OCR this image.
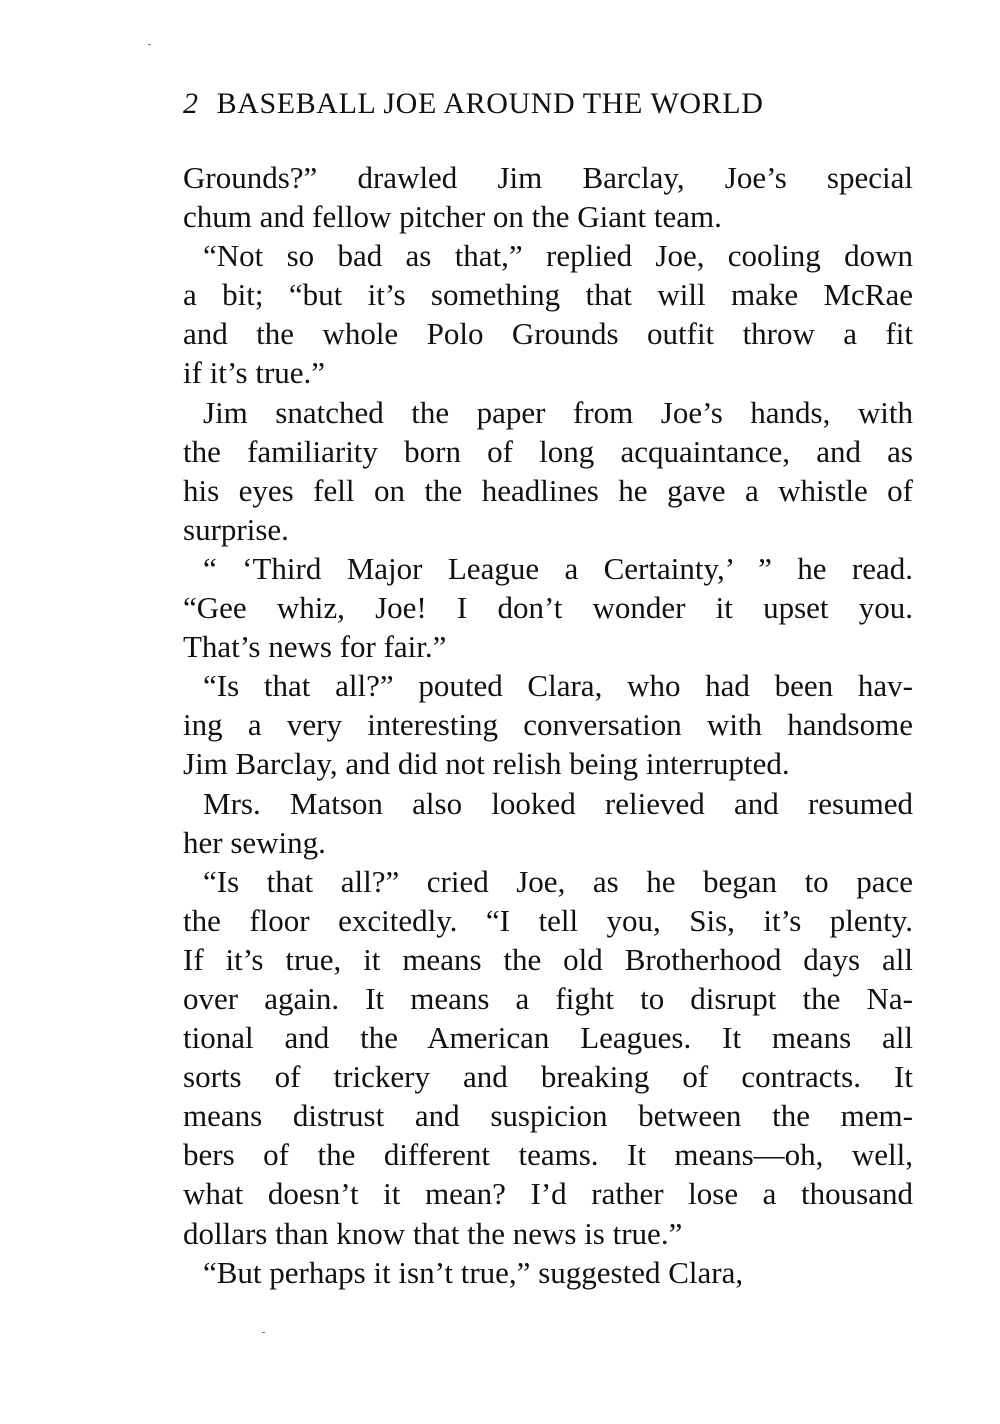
2 BASEBALL JOE AROUND THE WORLD
Grounds?” drawled Jim Barclay, Joe’s special
chum and fellow pitcher on the Giant team.
“Not so bad as that,” replied Joe, cooling down
a bit; “but it’s something that will make McRae
and the whole Polo Grounds outfit throw a fit
if it’s true.”
Jim snatched the paper from Joe’s hands, with
the familiarity born of long acquaintance, and as
his eyes fell on the headlines he gave a whistle of
surprise.
“ ‘Third Major League a Certainty,’ ” he read.
“Gee whiz, Joe! I don’t wonder it upset you.
That’s news for fair.”
“Is that all?” pouted Clara, who had been hav-
ing a very interesting conversation with handsome
Jim Barclay, and did not relish being interrupted.
Mrs. Matson also looked relieved and resumed
her sewing.
“Is that all?” cried Joe, as he began to pace
the floor excitedly. “I tell you, Sis, it’s plenty.
If it’s true, it means the old Brotherhood days all
over again. It means a fight to disrupt the Na-
tional and the American Leagues. It means all
sorts of trickery and breaking of contracts. It
means distrust and suspicion between the mem-
bers of the different teams. It means—oh, well,
what doesn’t it mean? I’d rather lose a thousand
dollars than know that the news is true.”
“But perhaps it isn’t true,” suggested Clara,
